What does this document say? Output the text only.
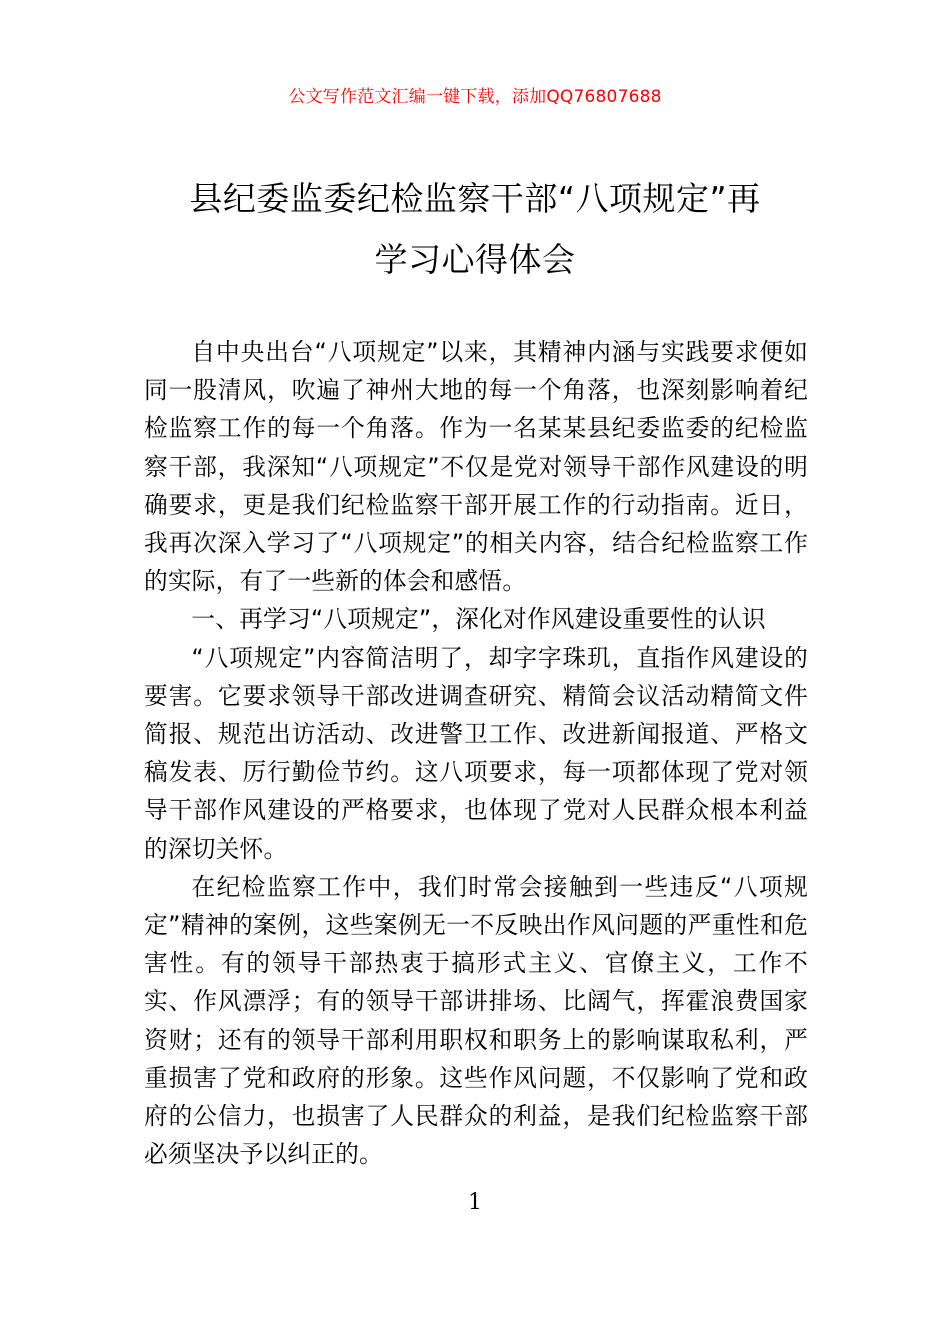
公文写作范文汇编一键下载，添加QQ76807688
县纪委监委纪检监察干部“八项规定”再
学习心得体会

自中央出台“八项规定”以来，其精神内涵与实践要求便如同一股清风，吹遍了神州大地的每一个角落，也深刻影响着纪检监察工作的每一个角落。作为一名某某县纪委监委的纪检监察干部，我深知“八项规定”不仅是党对领导干部作风建设的明确要求，更是我们纪检监察干部开展工作的行动指南。近日，我再次深入学习了“八项规定”的相关内容，结合纪检监察工作的实际，有了一些新的体会和感悟。

一、再学习“八项规定”，深化对作风建设重要性的认识

“八项规定”内容简洁明了，却字字珠玑，直指作风建设的要害。它要求领导干部改进调查研究、精简会议活动精简文件简报、规范出访活动、改进警卫工作、改进新闻报道、严格文稿发表、厉行勤俭节约。这八项要求，每一项都体现了党对领导干部作风建设的严格要求，也体现了党对人民群众根本利益的深切关怀。

在纪检监察工作中，我们时常会接触到一些违反“八项规定”精神的案例，这些案例无一不反映出作风问题的严重性和危害性。有的领导干部热衷于搞形式主义、官僚主义，工作不实、作风漂浮；有的领导干部讲排场、比阔气，挥霍浪费国家资财；还有的领导干部利用职权和职务上的影响谋取私利，严重损害了党和政府的形象。这些作风问题，不仅影响了党和政府的公信力，也损害了人民群众的利益，是我们纪检监察干部必须坚决予以纠正的。

1
